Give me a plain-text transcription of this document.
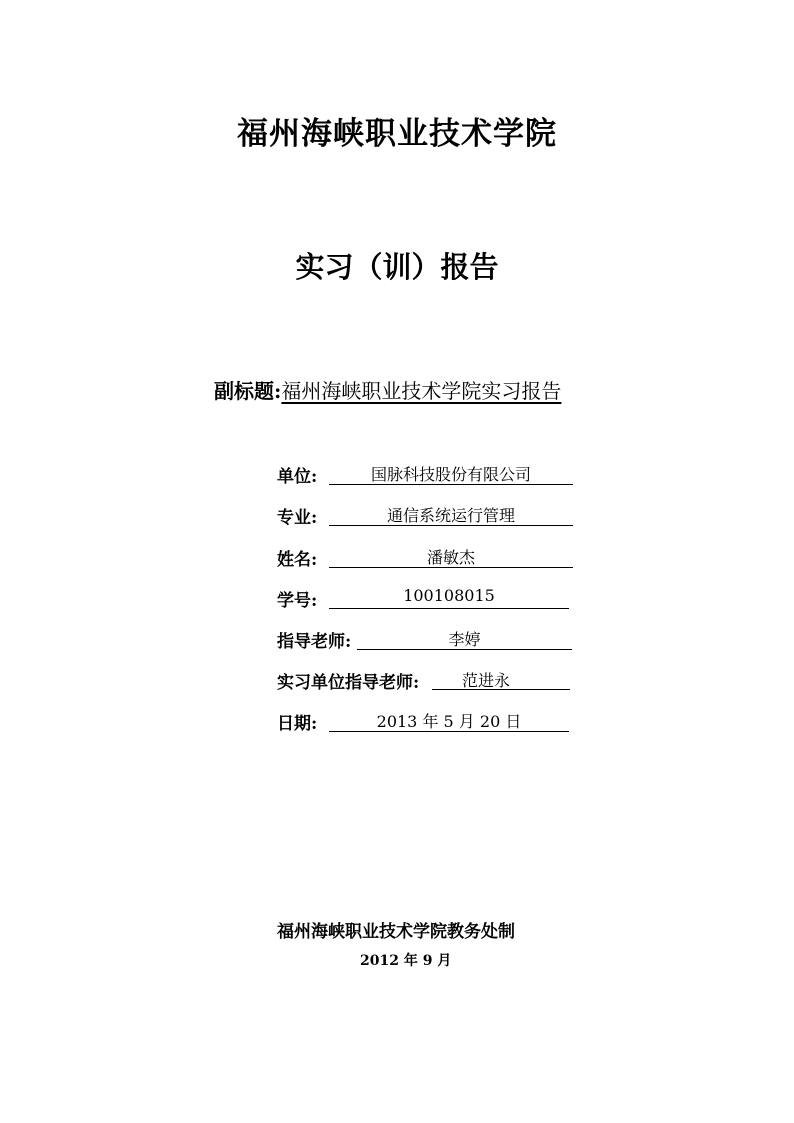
福州海峡职业技术学院
实习（训）报告
副标题:福州海峡职业技术学院实习报告
单位:	国脉科技股份有限公司
专业:	通信系统运行管理
姓名:	潘敏杰
学号:	100108015
指导老师:	李婷
实习单位指导老师:	范进永
日期:	2013 年 5 月 20 日
福州海峡职业技术学院教务处制
2012 年 9 月
